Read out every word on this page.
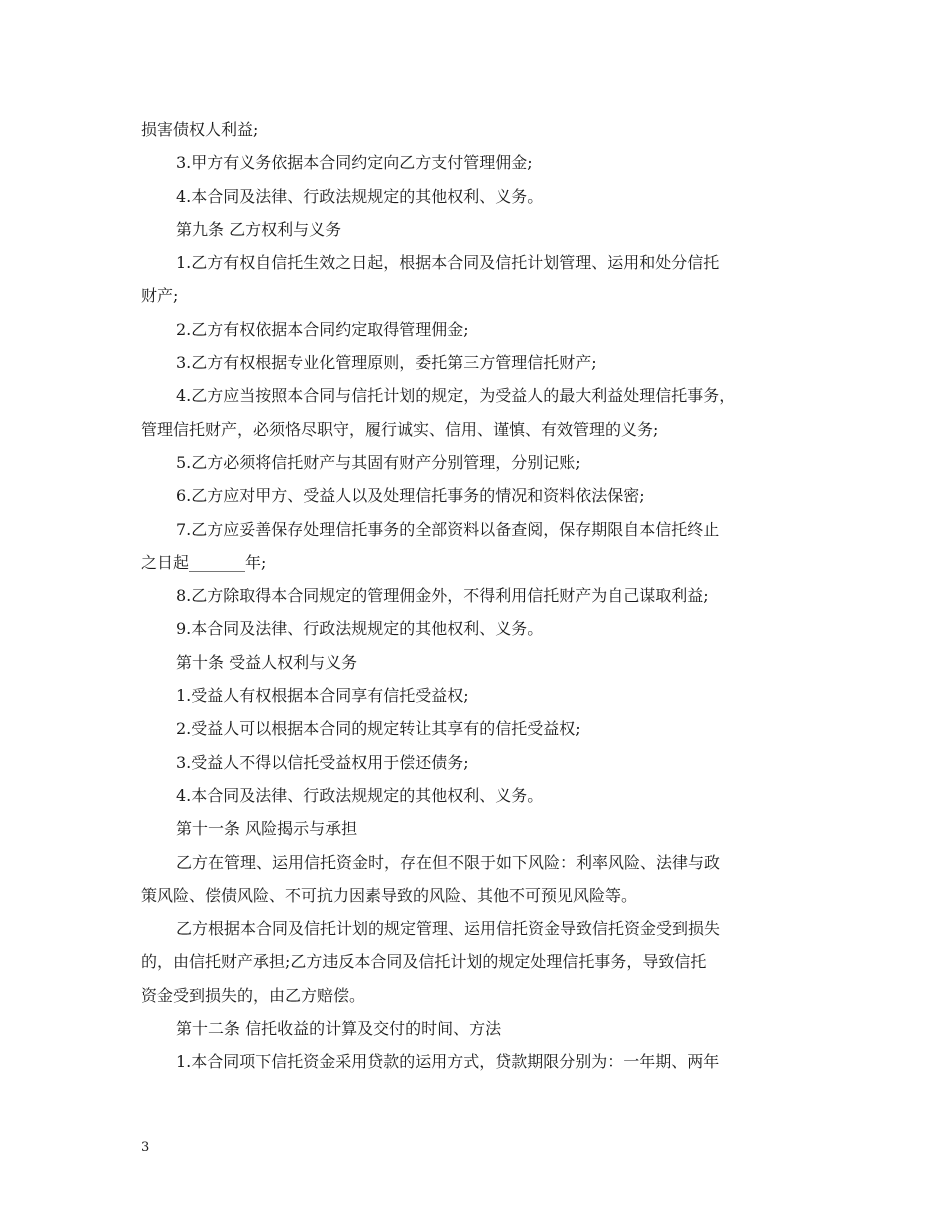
损害债权人利益;

3.甲方有义务依据本合同约定向乙方支付管理佣金;

4.本合同及法律、行政法规规定的其他权利、义务。

第九条 乙方权利与义务

1.乙方有权自信托生效之日起，根据本合同及信托计划管理、运用和处分信托

财产;

2.乙方有权依据本合同约定取得管理佣金;

3.乙方有权根据专业化管理原则，委托第三方管理信托财产;

4.乙方应当按照本合同与信托计划的规定，为受益人的最大利益处理信托事务，

管理信托财产，必须恪尽职守，履行诚实、信用、谨慎、有效管理的义务;

5.乙方必须将信托财产与其固有财产分别管理，分别记账;

6.乙方应对甲方、受益人以及处理信托事务的情况和资料依法保密;

7.乙方应妥善保存处理信托事务的全部资料以备查阅，保存期限自本信托终止

之日起_______年;

8.乙方除取得本合同规定的管理佣金外，不得利用信托财产为自己谋取利益;

9.本合同及法律、行政法规规定的其他权利、义务。

第十条 受益人权利与义务

1.受益人有权根据本合同享有信托受益权;

2.受益人可以根据本合同的规定转让其享有的信托受益权;

3.受益人不得以信托受益权用于偿还债务;

4.本合同及法律、行政法规规定的其他权利、义务。

第十一条 风险揭示与承担

乙方在管理、运用信托资金时，存在但不限于如下风险：利率风险、法律与政

策风险、偿债风险、不可抗力因素导致的风险、其他不可预见风险等。

乙方根据本合同及信托计划的规定管理、运用信托资金导致信托资金受到损失

的，由信托财产承担;乙方违反本合同及信托计划的规定处理信托事务，导致信托

资金受到损失的，由乙方赔偿。

第十二条 信托收益的计算及交付的时间、方法

1.本合同项下信托资金采用贷款的运用方式，贷款期限分别为：一年期、两年

3
